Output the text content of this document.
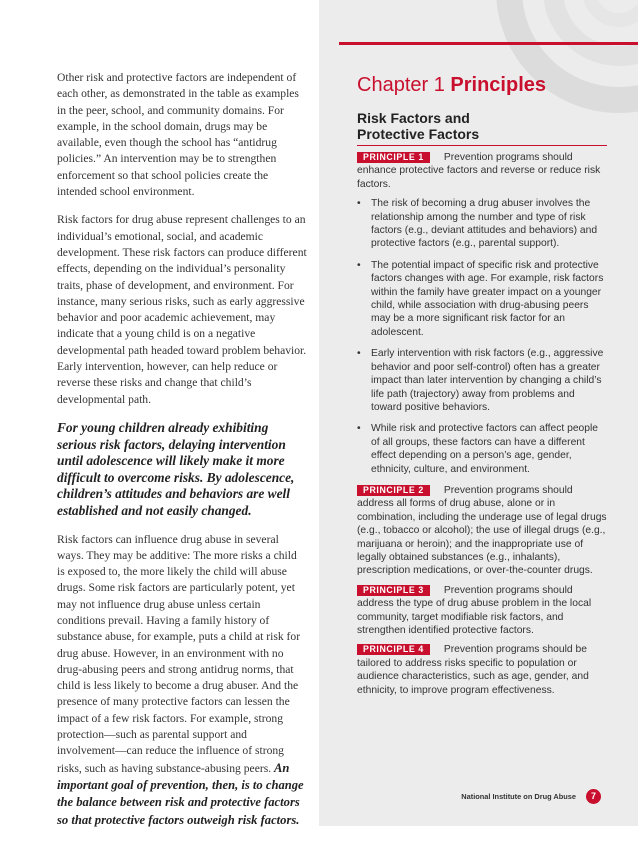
Other risk and protective factors are independent of each other, as demonstrated in the table as examples in the peer, school, and community domains. For example, in the school domain, drugs may be available, even though the school has “antidrug policies.” An intervention may be to strengthen enforcement so that school policies create the intended school environment.

Risk factors for drug abuse represent challenges to an individual’s emotional, social, and academic development. These risk factors can produce different effects, depending on the individual’s personality traits, phase of development, and environment. For instance, many serious risks, such as early aggressive behavior and poor academic achievement, may indicate that a young child is on a negative developmental path headed toward problem behavior. Early intervention, however, can help reduce or reverse these risks and change that child’s developmental path.

For young children already exhibiting serious risk factors, delaying intervention until adolescence will likely make it more difficult to overcome risks. By adolescence, children’s attitudes and behaviors are well established and not easily changed.

Risk factors can influence drug abuse in several ways. They may be additive: The more risks a child is exposed to, the more likely the child will abuse drugs. Some risk factors are particularly potent, yet may not influence drug abuse unless certain conditions prevail. Having a family history of substance abuse, for example, puts a child at risk for drug abuse. However, in an environment with no drug-abusing peers and strong antidrug norms, that child is less likely to become a drug abuser. And the presence of many protective factors can lessen the impact of a few risk factors. For example, strong protection—such as parental support and involvement—can reduce the influence of strong risks, such as having substance-abusing peers. An important goal of prevention, then, is to change the balance between risk and protective factors so that protective factors outweigh risk factors.

Chapter 1 Principles
Risk Factors and
Protective Factors
PRINCIPLE 1 Prevention programs should enhance protective factors and reverse or reduce risk factors.
• The risk of becoming a drug abuser involves the relationship among the number and type of risk factors (e.g., deviant attitudes and behaviors) and protective factors (e.g., parental support).
• The potential impact of specific risk and protective factors changes with age. For example, risk factors within the family have greater impact on a younger child, while association with drug-abusing peers may be a more significant risk factor for an adolescent.
• Early intervention with risk factors (e.g., aggressive behavior and poor self-control) often has a greater impact than later intervention by changing a child’s life path (trajectory) away from problems and toward positive behaviors.
• While risk and protective factors can affect people of all groups, these factors can have a different effect depending on a person’s age, gender, ethnicity, culture, and environment.
PRINCIPLE 2 Prevention programs should address all forms of drug abuse, alone or in combination, including the underage use of legal drugs (e.g., tobacco or alcohol); the use of illegal drugs (e.g., marijuana or heroin); and the inappropriate use of legally obtained substances (e.g., inhalants), prescription medications, or over-the-counter drugs.
PRINCIPLE 3 Prevention programs should address the type of drug abuse problem in the local community, target modifiable risk factors, and strengthen identified protective factors.
PRINCIPLE 4 Prevention programs should be tailored to address risks specific to population or audience characteristics, such as age, gender, and ethnicity, to improve program effectiveness.
National Institute on Drug Abuse	7
